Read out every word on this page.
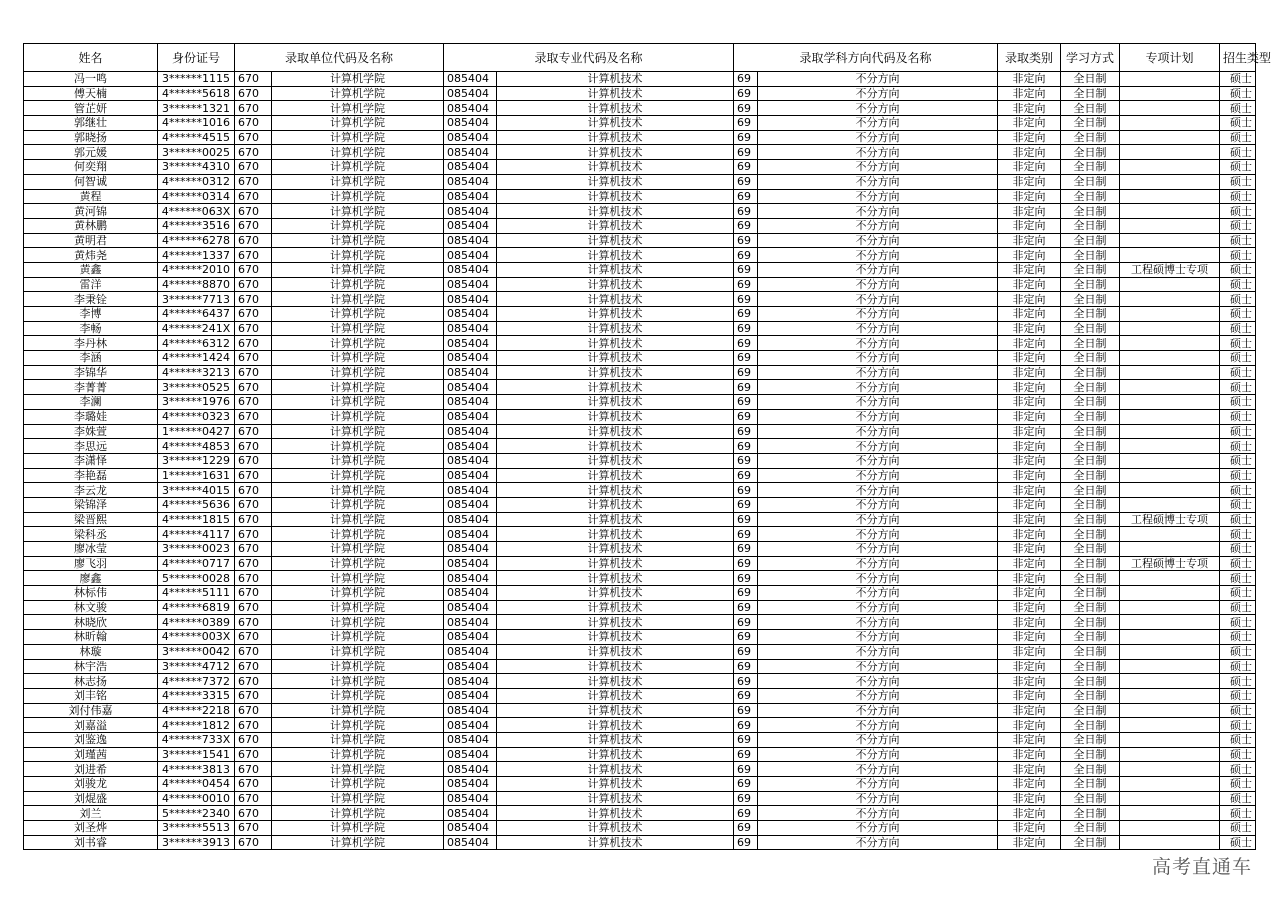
姓名	身份证号	录取单位代码及名称		录取专业代码及名称		录取学科方向代码及名称		录取类别	学习方式	专项计划	招生类型
冯一鸣	3******1115	670	计算机学院	085404	计算机技术	69	不分方向	非定向	全日制		硕士
傅天楠	4******5618	670	计算机学院	085404	计算机技术	69	不分方向	非定向	全日制		硕士
管芷妍	3******1321	670	计算机学院	085404	计算机技术	69	不分方向	非定向	全日制		硕士
郭继壮	4******1016	670	计算机学院	085404	计算机技术	69	不分方向	非定向	全日制		硕士
郭晓扬	4******4515	670	计算机学院	085404	计算机技术	69	不分方向	非定向	全日制		硕士
郭元媛	3******0025	670	计算机学院	085404	计算机技术	69	不分方向	非定向	全日制		硕士
何奕翔	3******4310	670	计算机学院	085404	计算机技术	69	不分方向	非定向	全日制		硕士
何智诚	4******0312	670	计算机学院	085404	计算机技术	69	不分方向	非定向	全日制		硕士
黄程	4******0314	670	计算机学院	085404	计算机技术	69	不分方向	非定向	全日制		硕士
黄河锦	4******063X	670	计算机学院	085404	计算机技术	69	不分方向	非定向	全日制		硕士
黄林鹏	4******3516	670	计算机学院	085404	计算机技术	69	不分方向	非定向	全日制		硕士
黄明君	4******6278	670	计算机学院	085404	计算机技术	69	不分方向	非定向	全日制		硕士
黄炜尧	4******1337	670	计算机学院	085404	计算机技术	69	不分方向	非定向	全日制		硕士
黄鑫	4******2010	670	计算机学院	085404	计算机技术	69	不分方向	非定向	全日制	工程硕博士专项	硕士
雷洋	4******8870	670	计算机学院	085404	计算机技术	69	不分方向	非定向	全日制		硕士
李秉铨	3******7713	670	计算机学院	085404	计算机技术	69	不分方向	非定向	全日制		硕士
李博	4******6437	670	计算机学院	085404	计算机技术	69	不分方向	非定向	全日制		硕士
李畅	4******241X	670	计算机学院	085404	计算机技术	69	不分方向	非定向	全日制		硕士
李丹林	4******6312	670	计算机学院	085404	计算机技术	69	不分方向	非定向	全日制		硕士
李涵	4******1424	670	计算机学院	085404	计算机技术	69	不分方向	非定向	全日制		硕士
李锦华	4******3213	670	计算机学院	085404	计算机技术	69	不分方向	非定向	全日制		硕士
李菁菁	3******0525	670	计算机学院	085404	计算机技术	69	不分方向	非定向	全日制		硕士
李澜	3******1976	670	计算机学院	085404	计算机技术	69	不分方向	非定向	全日制		硕士
李璐娃	4******0323	670	计算机学院	085404	计算机技术	69	不分方向	非定向	全日制		硕士
李姝萱	1******0427	670	计算机学院	085404	计算机技术	69	不分方向	非定向	全日制		硕士
李思远	4******4853	670	计算机学院	085404	计算机技术	69	不分方向	非定向	全日制		硕士
李潇怿	3******1229	670	计算机学院	085404	计算机技术	69	不分方向	非定向	全日制		硕士
李艳磊	1******1631	670	计算机学院	085404	计算机技术	69	不分方向	非定向	全日制		硕士
李云龙	3******4015	670	计算机学院	085404	计算机技术	69	不分方向	非定向	全日制		硕士
梁锦泽	4******5636	670	计算机学院	085404	计算机技术	69	不分方向	非定向	全日制		硕士
梁晋熙	4******1815	670	计算机学院	085404	计算机技术	69	不分方向	非定向	全日制	工程硕博士专项	硕士
梁科丞	4******4117	670	计算机学院	085404	计算机技术	69	不分方向	非定向	全日制		硕士
廖冰莹	3******0023	670	计算机学院	085404	计算机技术	69	不分方向	非定向	全日制		硕士
廖飞羽	4******0717	670	计算机学院	085404	计算机技术	69	不分方向	非定向	全日制	工程硕博士专项	硕士
廖鑫	5******0028	670	计算机学院	085404	计算机技术	69	不分方向	非定向	全日制		硕士
林标伟	4******5111	670	计算机学院	085404	计算机技术	69	不分方向	非定向	全日制		硕士
林文骏	4******6819	670	计算机学院	085404	计算机技术	69	不分方向	非定向	全日制		硕士
林晓欣	4******0389	670	计算机学院	085404	计算机技术	69	不分方向	非定向	全日制		硕士
林昕翰	4******003X	670	计算机学院	085404	计算机技术	69	不分方向	非定向	全日制		硕士
林璇	3******0042	670	计算机学院	085404	计算机技术	69	不分方向	非定向	全日制		硕士
林宇浩	3******4712	670	计算机学院	085404	计算机技术	69	不分方向	非定向	全日制		硕士
林志扬	4******7372	670	计算机学院	085404	计算机技术	69	不分方向	非定向	全日制		硕士
刘丰铭	4******3315	670	计算机学院	085404	计算机技术	69	不分方向	非定向	全日制		硕士
刘付伟嘉	4******2218	670	计算机学院	085404	计算机技术	69	不分方向	非定向	全日制		硕士
刘嘉溢	4******1812	670	计算机学院	085404	计算机技术	69	不分方向	非定向	全日制		硕士
刘鉴逸	4******733X	670	计算机学院	085404	计算机技术	69	不分方向	非定向	全日制		硕士
刘瑾茜	3******1541	670	计算机学院	085404	计算机技术	69	不分方向	非定向	全日制		硕士
刘进希	4******3813	670	计算机学院	085404	计算机技术	69	不分方向	非定向	全日制		硕士
刘骏龙	4******0454	670	计算机学院	085404	计算机技术	69	不分方向	非定向	全日制		硕士
刘焜盛	4******0010	670	计算机学院	085404	计算机技术	69	不分方向	非定向	全日制		硕士
刘兰	5******2340	670	计算机学院	085404	计算机技术	69	不分方向	非定向	全日制		硕士
刘圣烨	3******5513	670	计算机学院	085404	计算机技术	69	不分方向	非定向	全日制		硕士
刘书睿	3******3913	670	计算机学院	085404	计算机技术	69	不分方向	非定向	全日制		硕士
高考直通车
